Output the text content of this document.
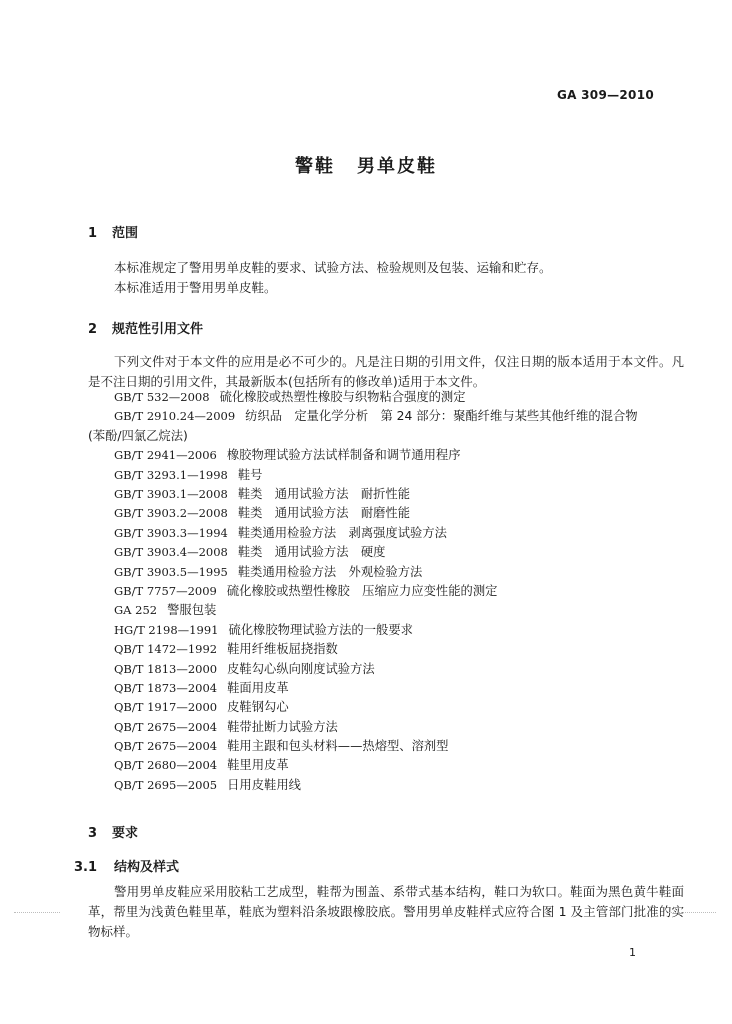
GA 309—2010
警鞋 男单皮鞋
1 范围

本标准规定了警用男单皮鞋的要求、试验方法、检验规则及包装、运输和贮存。

本标准适用于警用男单皮鞋。

2 规范性引用文件

下列文件对于本文件的应用是必不可少的。凡是注日期的引用文件，仅注日期的版本适用于本文件。凡是不注日期的引用文件，其最新版本(包括所有的修改单)适用于本文件。

GB/T 532—2008 硫化橡胶或热塑性橡胶与织物粘合强度的测定
GB/T 2910.24—2009 纺织品　定量化学分析　第 24 部分：聚酯纤维与某些其他纤维的混合物
(苯酚/四氯乙烷法)
GB/T 2941—2006 橡胶物理试验方法试样制备和调节通用程序
GB/T 3293.1—1998 鞋号
GB/T 3903.1—2008 鞋类　通用试验方法　耐折性能
GB/T 3903.2—2008 鞋类　通用试验方法　耐磨性能
GB/T 3903.3—1994 鞋类通用检验方法　剥离强度试验方法
GB/T 3903.4—2008 鞋类　通用试验方法　硬度
GB/T 3903.5—1995 鞋类通用检验方法　外观检验方法
GB/T 7757—2009 硫化橡胶或热塑性橡胶　压缩应力应变性能的测定
GA 252 警服包装
HG/T 2198—1991 硫化橡胶物理试验方法的一般要求
QB/T 1472—1992 鞋用纤维板屈挠指数
QB/T 1813—2000 皮鞋勾心纵向刚度试验方法
QB/T 1873—2004 鞋面用皮革
QB/T 1917—2000 皮鞋钢勾心
QB/T 2675—2004 鞋带扯断力试验方法
QB/T 2675—2004 鞋用主跟和包头材料——热熔型、溶剂型
QB/T 2680—2004 鞋里用皮革
QB/T 2695—2005 日用皮鞋用线
3 要求
3.1 结构及样式

警用男单皮鞋应采用胶粘工艺成型，鞋帮为围盖、系带式基本结构，鞋口为软口。鞋面为黑色黄牛鞋面革，帮里为浅黄色鞋里革，鞋底为塑料沿条坡跟橡胶底。警用男单皮鞋样式应符合图 1 及主管部门批准的实物标样。

1
